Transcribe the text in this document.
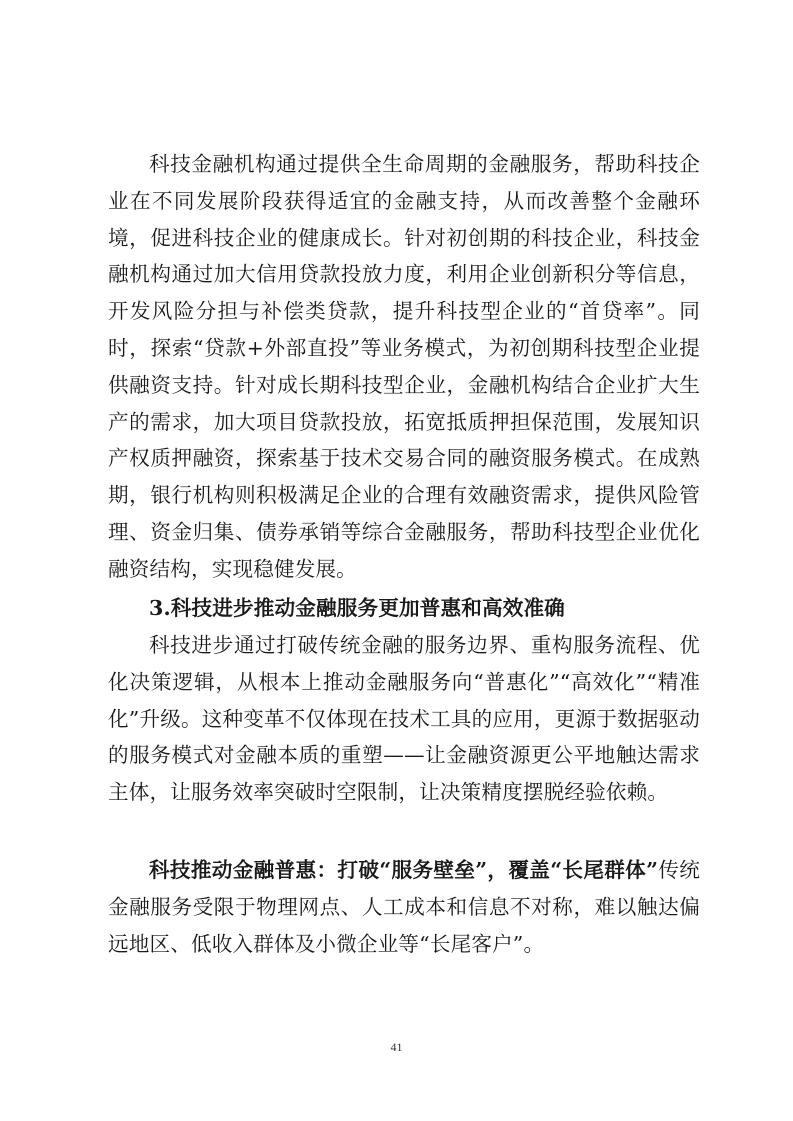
科技金融机构通过提供全生命周期的金融服务，帮助科技企业在不同发展阶段获得适宜的金融支持，从而改善整个金融环境，促进科技企业的健康成长。针对初创期的科技企业，科技金融机构通过加大信用贷款投放力度，利用企业创新积分等信息，开发风险分担与补偿类贷款，提升科技型企业的“首贷率”。同时，探索“贷款+外部直投”等业务模式，为初创期科技型企业提供融资支持。针对成长期科技型企业，金融机构结合企业扩大生产的需求，加大项目贷款投放，拓宽抵质押担保范围，发展知识产权质押融资，探索基于技术交易合同的融资服务模式。在成熟期，银行机构则积极满足企业的合理有效融资需求，提供风险管理、资金归集、债券承销等综合金融服务，帮助科技型企业优化融资结构，实现稳健发展。

3.科技进步推动金融服务更加普惠和高效准确

科技进步通过打破传统金融的服务边界、重构服务流程、优化决策逻辑，从根本上推动金融服务向“普惠化”“高效化”“精准化”升级。这种变革不仅体现在技术工具的应用，更源于数据驱动的服务模式对金融本质的重塑——让金融资源更公平地触达需求主体，让服务效率突破时空限制，让决策精度摆脱经验依赖。

科技推动金融普惠：打破“服务壁垒”，覆盖“长尾群体”传统金融服务受限于物理网点、人工成本和信息不对称，难以触达偏远地区、低收入群体及小微企业等“长尾客户”。

41
